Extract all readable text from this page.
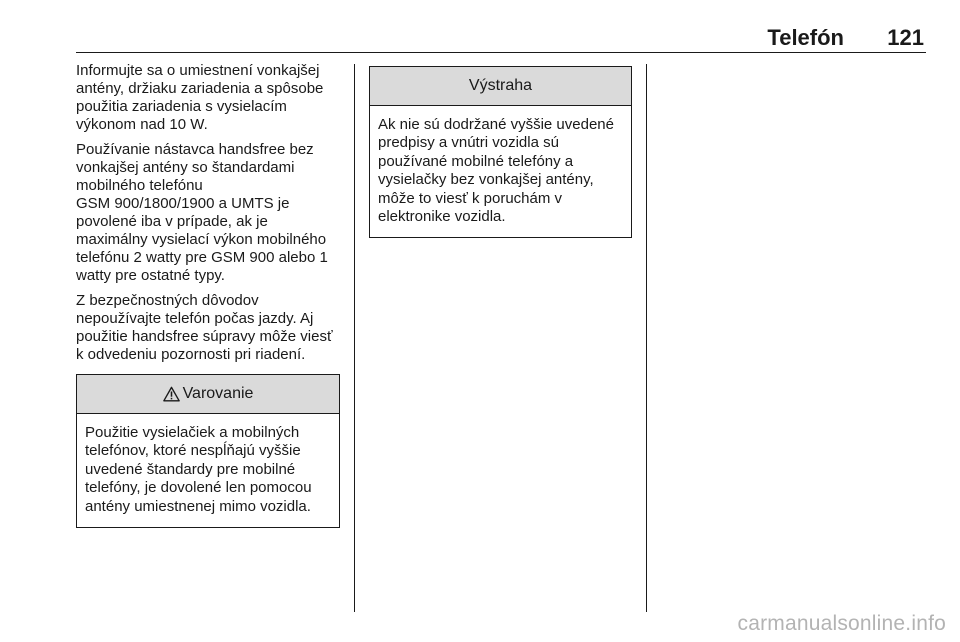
Telefón 121

Informujte sa o umiestnení vonkajšej antény, držiaku zariadenia a spôsobe použitia zariadenia s vysielacím výkonom nad 10 W.

Používanie nástavca handsfree bez vonkajšej antény so štandardami mobilného telefónu

GSM 900/1800/1900 a UMTS je povolené iba v prípade, ak je maximálny vysielací výkon mobilného telefónu 2 watty pre GSM 900 alebo 1 watty pre ostatné typy.

Z bezpečnostných dôvodov nepoužívajte telefón počas jazdy. Aj použitie handsfree súpravy môže viesť k odvedeniu pozornosti pri riadení.

Varovanie
Použitie vysielačiek a mobilných telefónov, ktoré nespĺňajú vyššie uvedené štandardy pre mobilné telefóny, je dovolené len pomocou antény umiestnenej mimo vozidla.
Výstraha
Ak nie sú dodržané vyššie uvedené predpisy a vnútri vozidla sú používané mobilné telefóny a vysielačky bez vonkajšej antény, môže to viesť k poruchám v elektronike vozidla.
carmanualsonline.info
